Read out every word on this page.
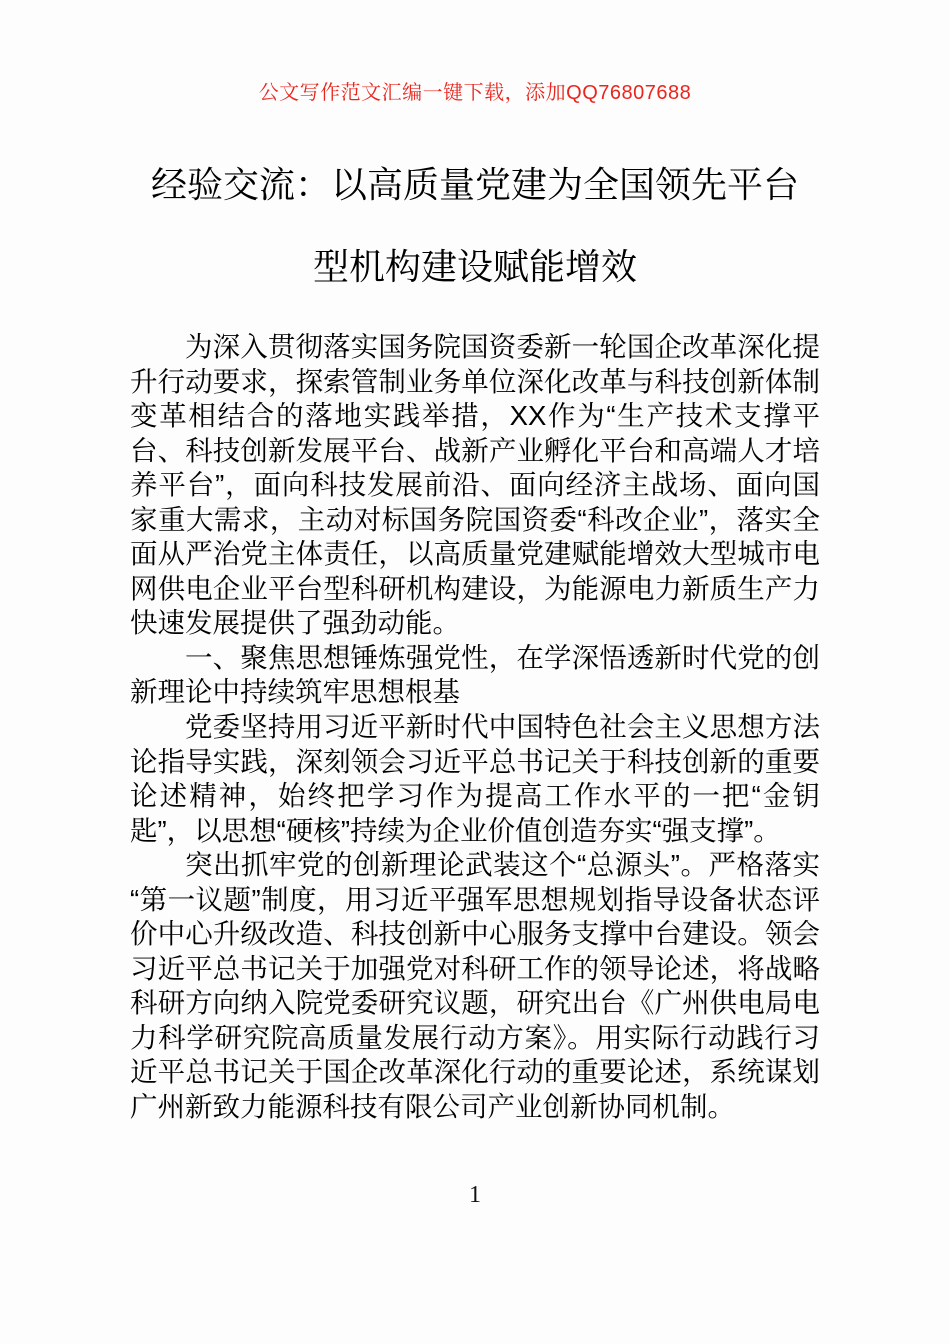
公文写作范文汇编一键下载，添加QQ76807688
经验交流：以高质量党建为全国领先平台型机构建设赋能增效

为深入贯彻落实国务院国资委新一轮国企改革深化提升行动要求，探索管制业务单位深化改革与科技创新体制变革相结合的落地实践举措，XX作为“生产技术支撑平台、科技创新发展平台、战新产业孵化平台和高端人才培养平台”，面向科技发展前沿、面向经济主战场、面向国家重大需求，主动对标国务院国资委“科改企业”，落实全面从严治党主体责任，以高质量党建赋能增效大型城市电网供电企业平台型科研机构建设，为能源电力新质生产力快速发展提供了强劲动能。

一、聚焦思想锤炼强党性，在学深悟透新时代党的创新理论中持续筑牢思想根基

党委坚持用习近平新时代中国特色社会主义思想方法论指导实践，深刻领会习近平总书记关于科技创新的重要论述精神，始终把学习作为提高工作水平的一把“金钥匙”，以思想“硬核”持续为企业价值创造夯实“强支撑”。

突出抓牢党的创新理论武装这个“总源头”。严格落实“第一议题”制度，用习近平强军思想规划指导设备状态评价中心升级改造、科技创新中心服务支撑中台建设。领会习近平总书记关于加强党对科研工作的领导论述，将战略科研方向纳入院党委研究议题，研究出台《广州供电局电力科学研究院高质量发展行动方案》。用实际行动践行习近平总书记关于国企改革深化行动的重要论述，系统谋划广州新致力能源科技有限公司产业创新协同机制。

1
